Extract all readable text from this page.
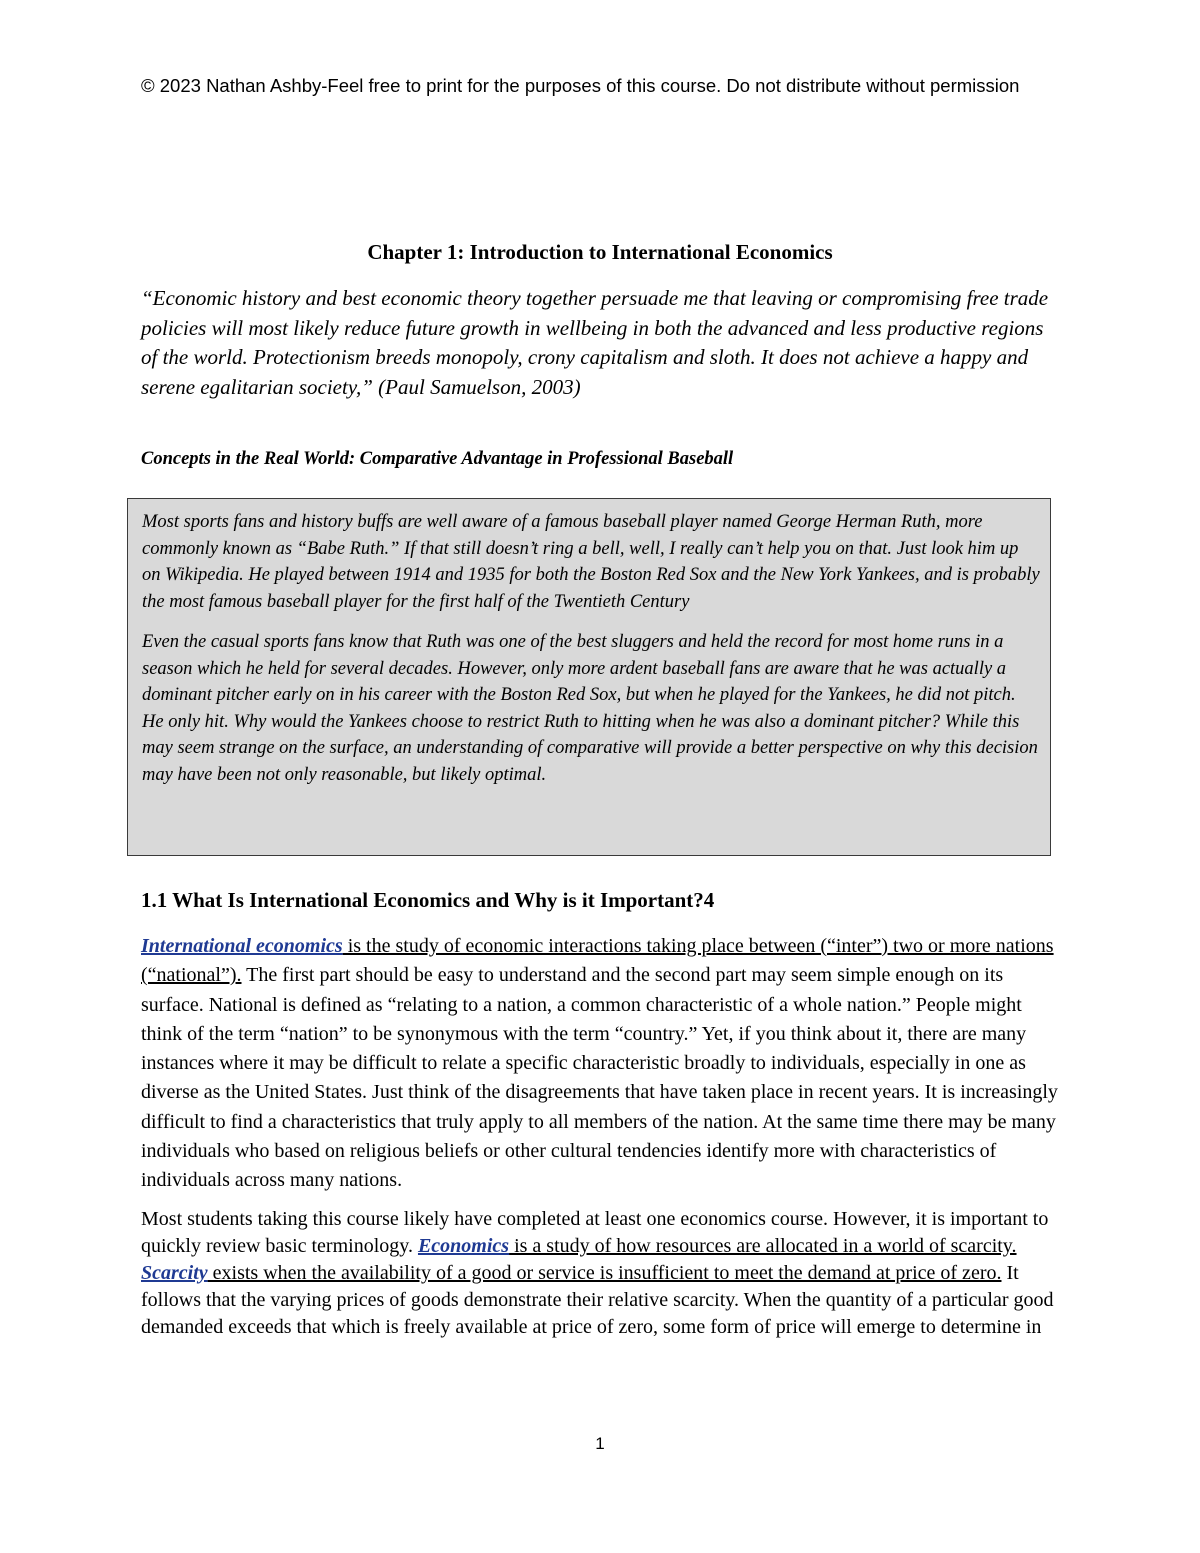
© 2023 Nathan Ashby-Feel free to print for the purposes of this course. Do not distribute without permission
Chapter 1: Introduction to International Economics

“Economic history and best economic theory together persuade me that leaving or compromising free trade policies will most likely reduce future growth in wellbeing in both the advanced and less productive regions of the world. Protectionism breeds monopoly, crony capitalism and sloth. It does not achieve a happy and serene egalitarian society,” (Paul Samuelson, 2003)

Concepts in the Real World: Comparative Advantage in Professional Baseball

Most sports fans and history buffs are well aware of a famous baseball player named George Herman Ruth, more commonly known as “Babe Ruth.” If that still doesn’t ring a bell, well, I really can’t help you on that. Just look him up on Wikipedia. He played between 1914 and 1935 for both the Boston Red Sox and the New York Yankees, and is probably the most famous baseball player for the first half of the Twentieth Century

Even the casual sports fans know that Ruth was one of the best sluggers and held the record for most home runs in a season which he held for several decades. However, only more ardent baseball fans are aware that he was actually a dominant pitcher early on in his career with the Boston Red Sox, but when he played for the Yankees, he did not pitch. He only hit. Why would the Yankees choose to restrict Ruth to hitting when he was also a dominant pitcher? While this may seem strange on the surface, an understanding of comparative will provide a better perspective on why this decision may have been not only reasonable, but likely optimal.

1.1 What Is International Economics and Why is it Important?4

International economics is the study of economic interactions taking place between (“inter”) two or more nations (“national”). The first part should be easy to understand and the second part may seem simple enough on its surface. National is defined as “relating to a nation, a common characteristic of a whole nation.” People might think of the term “nation” to be synonymous with the term “country.” Yet, if you think about it, there are many instances where it may be difficult to relate a specific characteristic broadly to individuals, especially in one as diverse as the United States. Just think of the disagreements that have taken place in recent years. It is increasingly difficult to find a characteristics that truly apply to all members of the nation. At the same time there may be many individuals who based on religious beliefs or other cultural tendencies identify more with characteristics of individuals across many nations.

Most students taking this course likely have completed at least one economics course. However, it is important to quickly review basic terminology. Economics is a study of how resources are allocated in a world of scarcity. Scarcity exists when the availability of a good or service is insufficient to meet the demand at price of zero. It follows that the varying prices of goods demonstrate their relative scarcity. When the quantity of a particular good demanded exceeds that which is freely available at price of zero, some form of price will emerge to determine in

1
